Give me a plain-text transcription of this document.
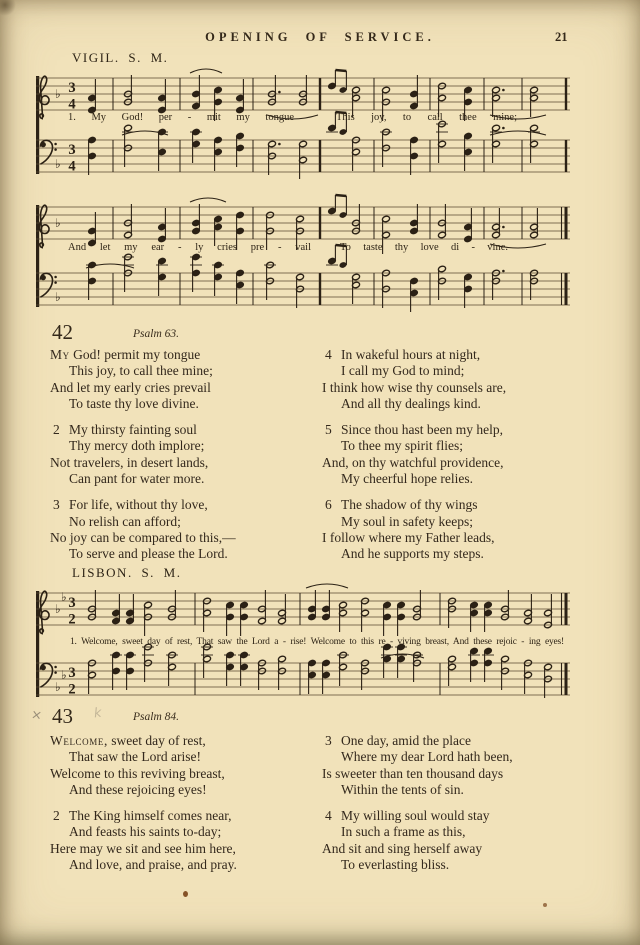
OPENING OF SERVICE.	21
VIGIL. S. M.
♭ 3
4
♭
3
4
1. My God! per - mit my tongue	This joy, to call thee mine;
♭
♭
And let my ear - ly cries pre - vail	To taste thy love di - vine.
42	Psalm 63.
My God! permit my tongue
This joy, to call thee mine;
And let my early cries prevail
To taste thy love divine.
2 My thirsty fainting soul
Thy mercy doth implore;
Not travelers, in desert lands,
Can pant for water more.
3 For life, without thy love,
No relish can afford;
No joy can be compared to this,—
To serve and please the Lord.
4 In wakeful hours at night,
I call my God to mind;
I think how wise thy counsels are,
And all thy dealings kind.
5 Since thou hast been my help,
To thee my spirit flies;
And, on thy watchful providence,
My cheerful hope relies.
6 The shadow of thy wings
My soul in safety keeps;
I follow where my Father leads,
And he supports my steps.
LISBON. S. M.
♭
♭ 3
2
♭
♭ 3
2
1. Welcome, sweet day of rest, That saw the Lord a - rise! Welcome to this re - viving breast, And these rejoic - ing eyes!
× 43 k	Psalm 84.
Welcome, sweet day of rest,
That saw the Lord arise!
Welcome to this reviving breast,
And these rejoicing eyes!
2 The King himself comes near,
And feasts his saints to-day;
Here may we sit and see him here,
And love, and praise, and pray.
3 One day, amid the place
Where my dear Lord hath been,
Is sweeter than ten thousand days
Within the tents of sin.
4 My willing soul would stay
In such a frame as this,
And sit and sing herself away
To everlasting bliss.
